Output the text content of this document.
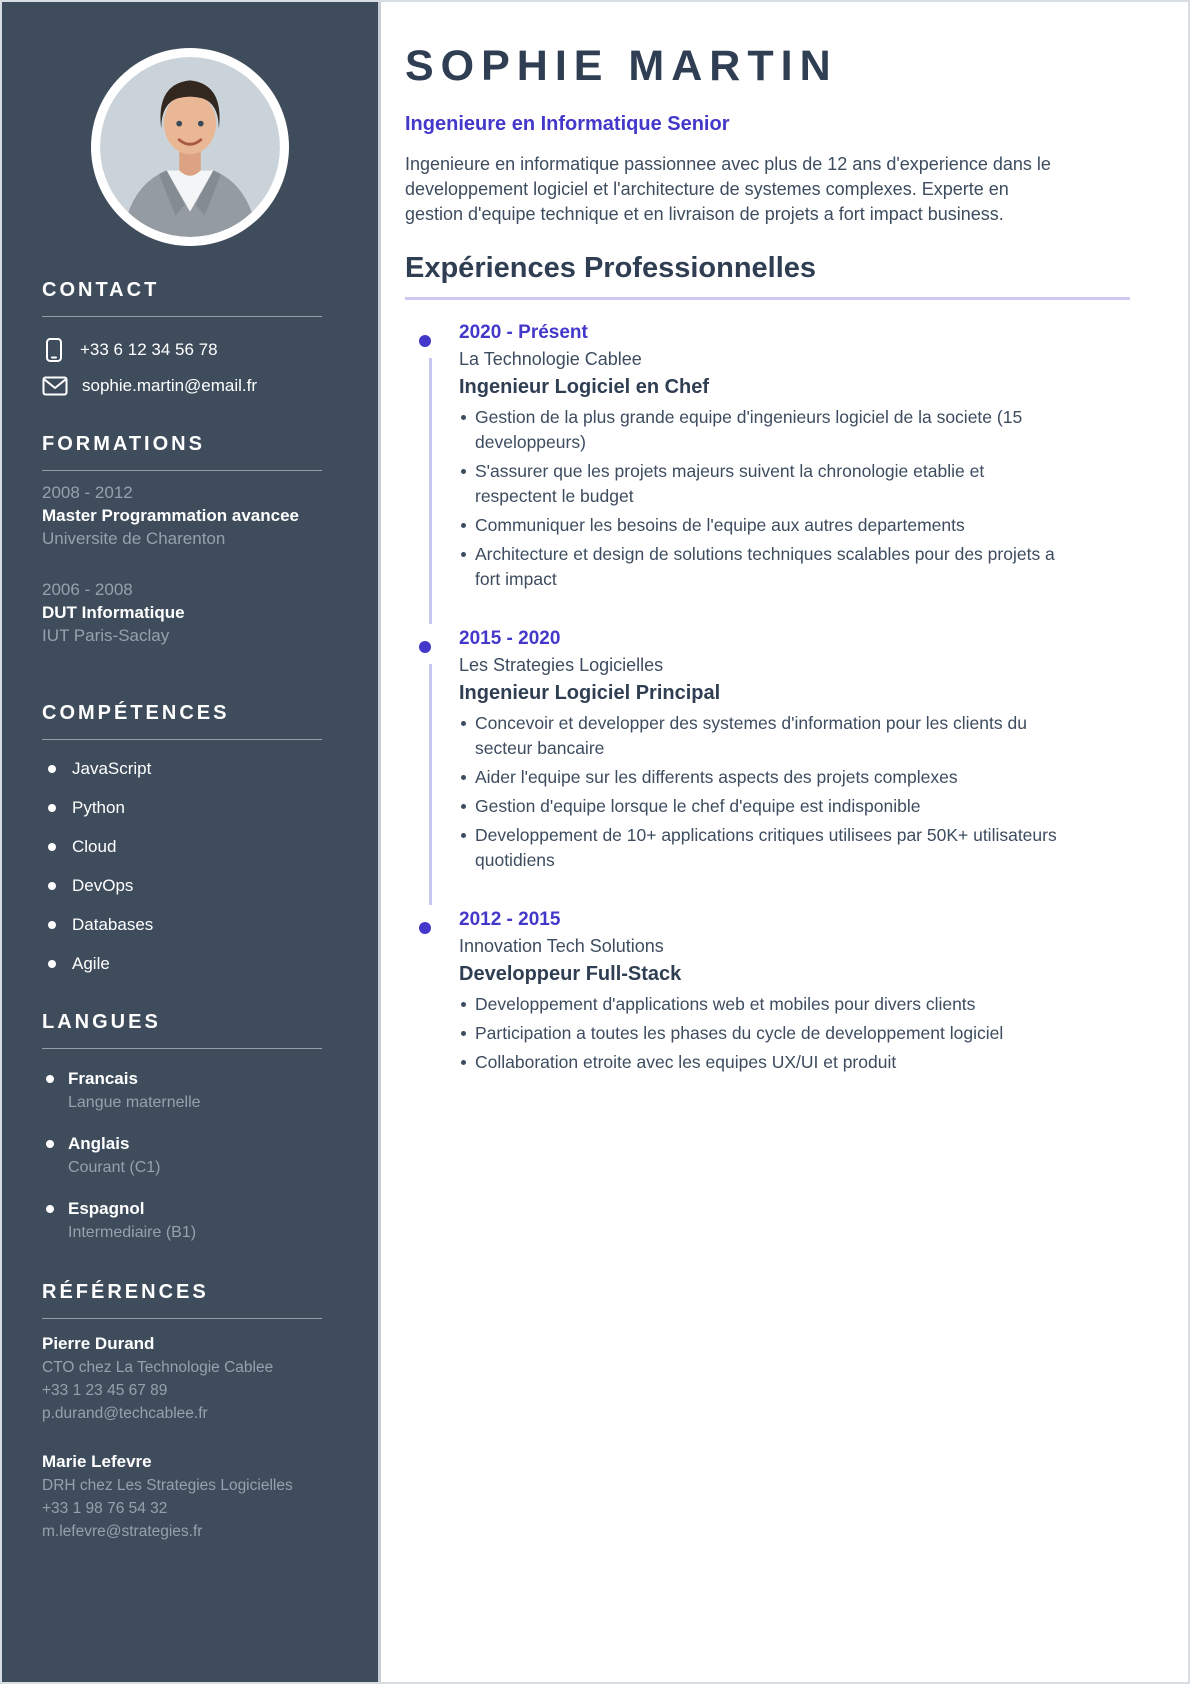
CONTACT
+33 6 12 34 56 78
sophie.martin@email.fr
FORMATIONS
2008 - 2012
Master Programmation avancee
Universite de Charenton
2006 - 2008
DUT Informatique
IUT Paris-Saclay
COMPÉTENCES
JavaScript
Python
Cloud
DevOps
Databases
Agile
LANGUES
Francais
Langue maternelle
Anglais
Courant (C1)
Espagnol
Intermediaire (B1)
RÉFÉRENCES
Pierre Durand
CTO chez La Technologie Cablee
+33 1 23 45 67 89
p.durand@techcablee.fr
Marie Lefevre
DRH chez Les Strategies Logicielles
+33 1 98 76 54 32
m.lefevre@strategies.fr
SOPHIE MARTIN
Ingenieure en Informatique Senior

Ingenieure en informatique passionnee avec plus de 12 ans d'experience dans le developpement logiciel et l'architecture de systemes complexes. Experte en gestion d'equipe technique et en livraison de projets a fort impact business.

Expériences Professionnelles
2020 - Présent
La Technologie Cablee
Ingenieur Logiciel en Chef
Gestion de la plus grande equipe d'ingenieurs logiciel de la societe (15 developpeurs)
S'assurer que les projets majeurs suivent la chronologie etablie et respectent le budget
Communiquer les besoins de l'equipe aux autres departements
Architecture et design de solutions techniques scalables pour des projets a fort impact
2015 - 2020
Les Strategies Logicielles
Ingenieur Logiciel Principal
Concevoir et developper des systemes d'information pour les clients du secteur bancaire
Aider l'equipe sur les differents aspects des projets complexes
Gestion d'equipe lorsque le chef d'equipe est indisponible
Developpement de 10+ applications critiques utilisees par 50K+ utilisateurs quotidiens
2012 - 2015
Innovation Tech Solutions
Developpeur Full-Stack
Developpement d'applications web et mobiles pour divers clients
Participation a toutes les phases du cycle de developpement logiciel
Collaboration etroite avec les equipes UX/UI et produit
